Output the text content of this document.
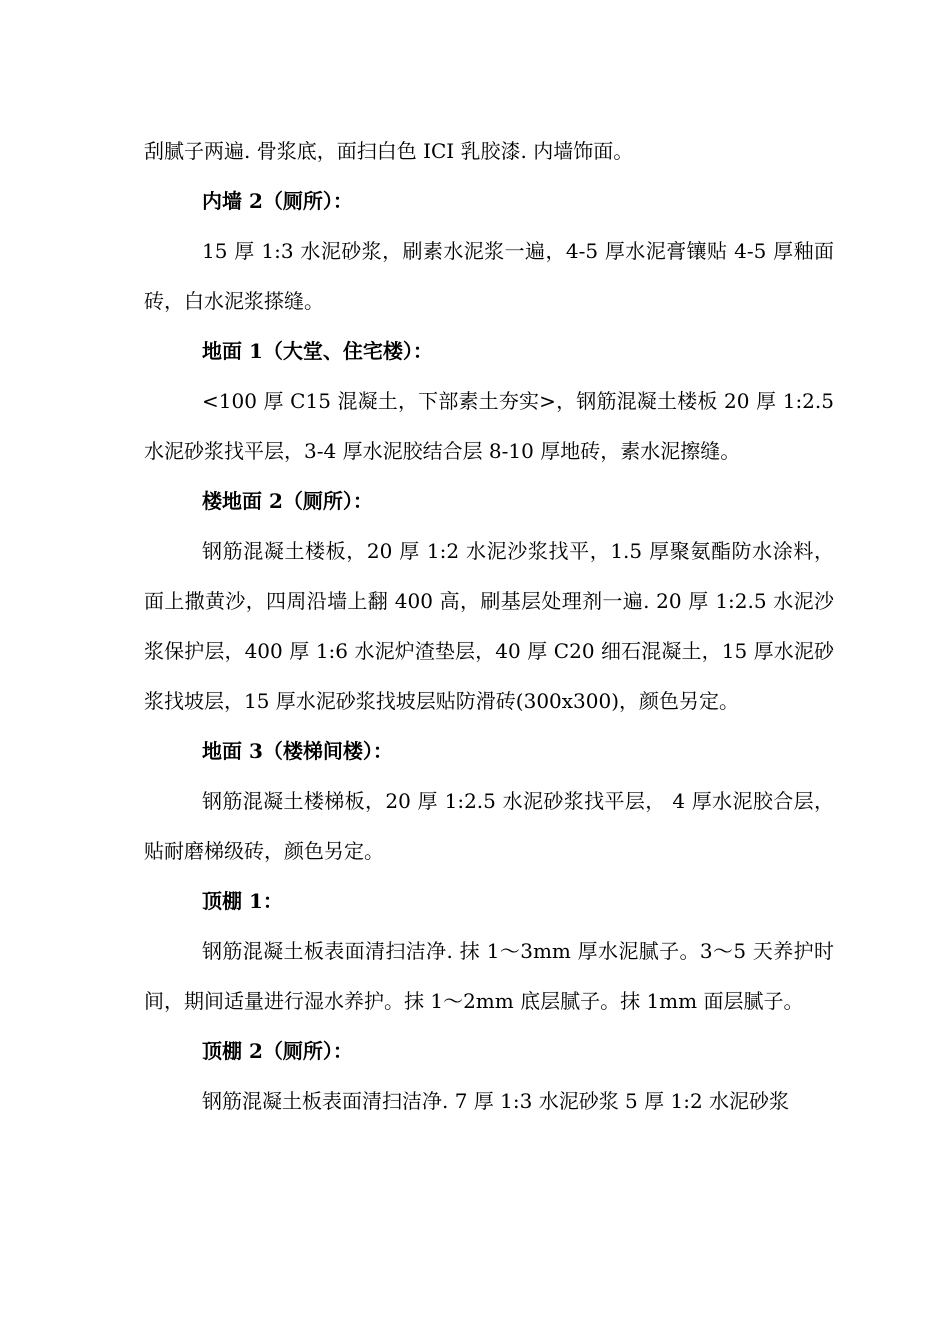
刮腻子两遍. 骨浆底，面扫白色 ICI 乳胶漆. 内墙饰面。

内墙 2（厕所）：

15 厚 1:3 水泥砂浆，刷素水泥浆一遍，4-5 厚水泥膏镶贴 4-5 厚釉面砖，白水泥浆搽缝。

地面 1（大堂、住宅楼）：

<100 厚 C15 混凝土，下部素土夯实>，钢筋混凝土楼板 20 厚 1:2.5 水泥砂浆找平层，3-4 厚水泥胶结合层 8-10 厚地砖，素水泥擦缝。

楼地面 2（厕所）：

钢筋混凝土楼板，20 厚 1:2 水泥沙浆找平，1.5 厚聚氨酯防水涂料，面上撒黄沙，四周沿墙上翻 400 高，刷基层处理剂一遍. 20 厚 1:2.5 水泥沙浆保护层，400 厚 1:6 水泥炉渣垫层，40 厚 C20 细石混凝土，15 厚水泥砂浆找坡层，15 厚水泥砂浆找坡层贴防滑砖(300x300)，颜色另定。

地面 3（楼梯间楼）：

钢筋混凝土楼梯板，20 厚 1:2.5 水泥砂浆找平层， 4 厚水泥胶合层，贴耐磨梯级砖，颜色另定。

顶棚 1：

钢筋混凝土板表面清扫洁净. 抹 1～3mm 厚水泥腻子。3～5 天养护时间，期间适量进行湿水养护。抹 1～2mm 底层腻子。抹 1mm 面层腻子。

顶棚 2（厕所）：

钢筋混凝土板表面清扫洁净. 7 厚 1:3 水泥砂浆 5 厚 1:2 水泥砂浆
